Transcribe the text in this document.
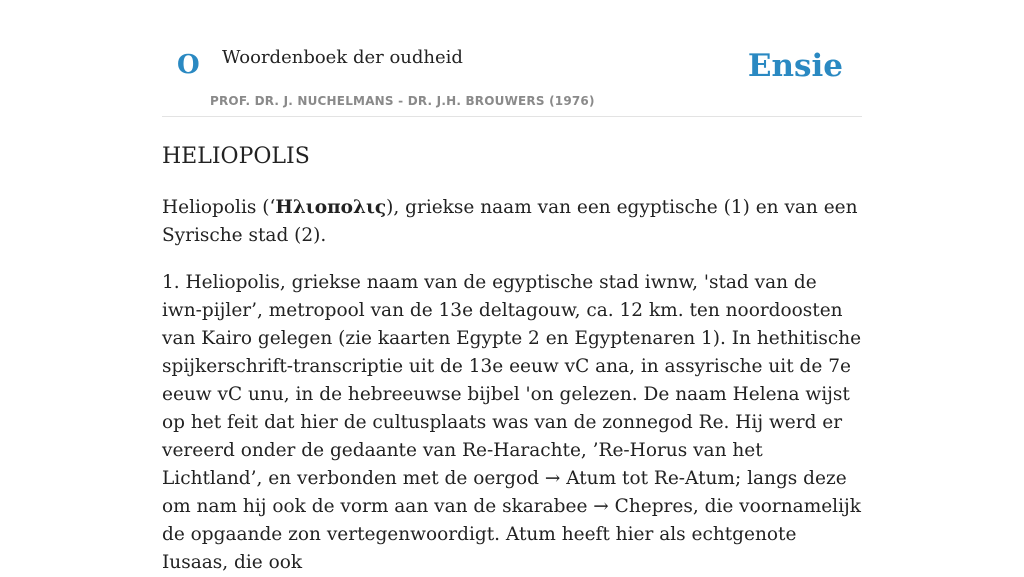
O Woordenboek der oudheid
PROF. DR. J. NUCHELMANS - DR. J.H. BROUWERS (1976)
Ensie
HELIOPOLIS

Heliopolis (‘Ηλιοπολις), griekse naam van een egyptische (1) en van een Syrische stad (2).

1. Heliopolis, griekse naam van de egyptische stad iwnw, 'stad van de iwn-pijler’, metropool van de 13e deltagouw, ca. 12 km. ten noordoosten van Kairo gelegen (zie kaarten Egypte 2 en Egyptenaren 1). In hethitische spijkerschrift-transcriptie uit de 13e eeuw vC ana, in assyrische uit de 7e eeuw vC unu, in de hebreeuwse bijbel 'on gelezen. De naam Helena wijst op het feit dat hier de cultusplaats was van de zonnegod Re. Hij werd er vereerd onder de gedaante van Re-Harachte, ’Re-Horus van het Lichtland’, en verbonden met de oergod → Atum tot Re-Atum; langs deze om nam hij ook de vorm aan van de skarabee → Chepres, die voornamelijk de opgaande zon vertegenwoordigt. Atum heeft hier als echtgenote Iusaas, die ook
